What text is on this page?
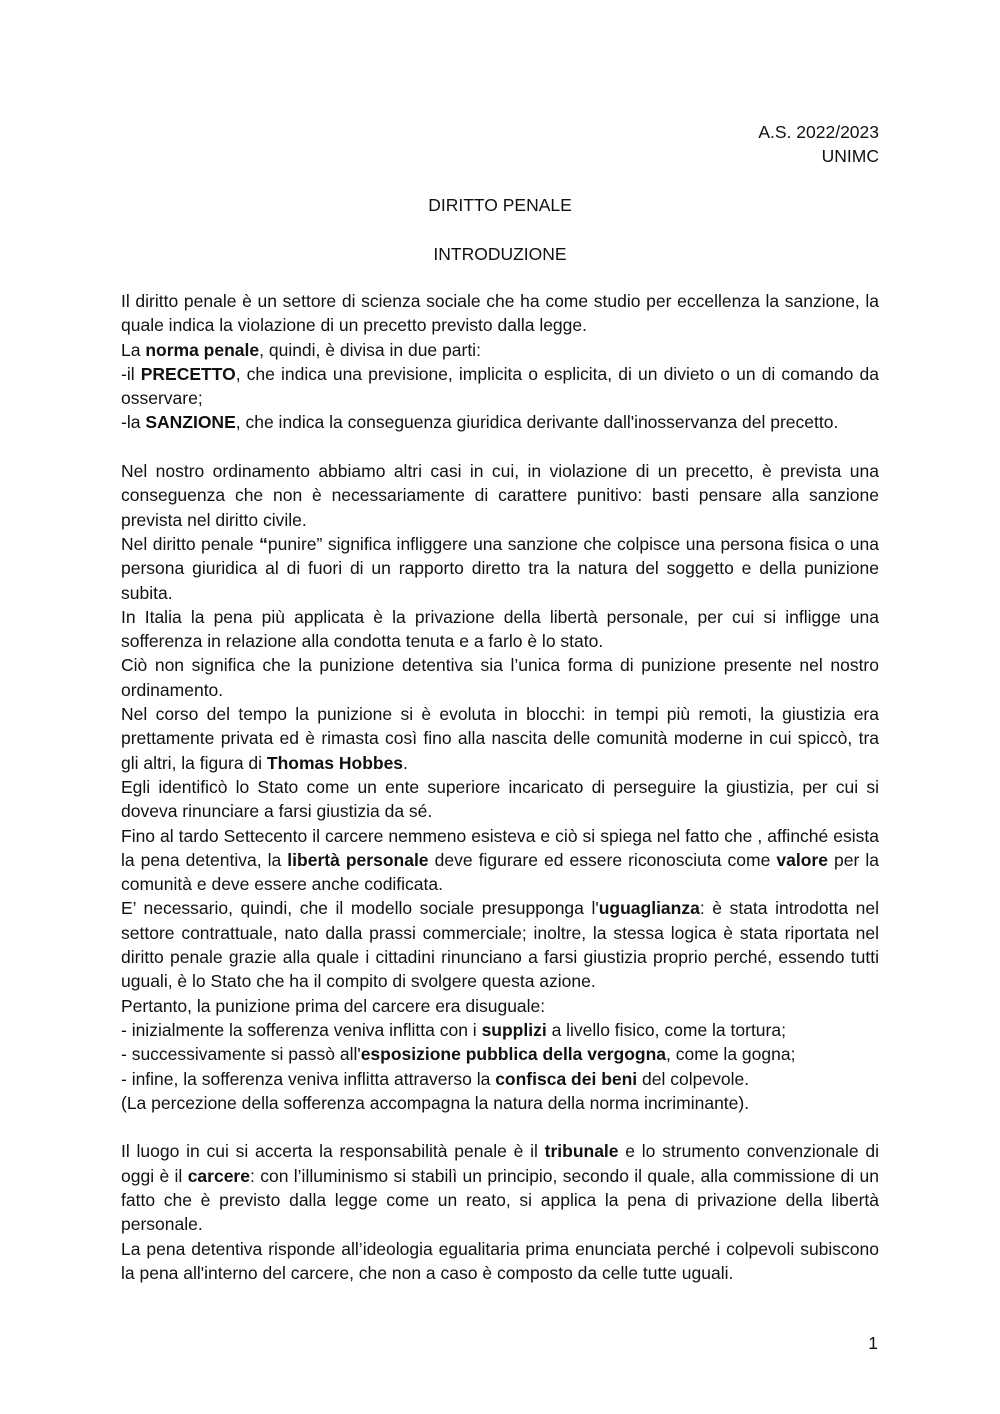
A.S. 2022/2023
UNIMC
DIRITTO PENALE
INTRODUZIONE

Il diritto penale è un settore di scienza sociale che ha come studio per eccellenza la sanzione, la quale indica la violazione di un precetto previsto dalla legge.

La norma penale, quindi, è divisa in due parti:

-il PRECETTO, che indica una previsione, implicita o esplicita, di un divieto o un di comando da osservare;

-la SANZIONE, che indica la conseguenza giuridica derivante dall'inosservanza del precetto.

Nel nostro ordinamento abbiamo altri casi in cui, in violazione di un precetto, è prevista una conseguenza che non è necessariamente di carattere punitivo: basti pensare alla sanzione prevista nel diritto civile.

Nel diritto penale “punire” significa infliggere una sanzione che colpisce una persona fisica o una persona giuridica al di fuori di un rapporto diretto tra la natura del soggetto e della punizione subita.

In Italia la pena più applicata è la privazione della libertà personale, per cui si infligge una sofferenza in relazione alla condotta tenuta e a farlo è lo stato.

Ciò non significa che la punizione detentiva sia l’unica forma di punizione presente nel nostro ordinamento.

Nel corso del tempo la punizione si è evoluta in blocchi: in tempi più remoti, la giustizia era prettamente privata ed è rimasta così fino alla nascita delle comunità moderne in cui spiccò, tra gli altri, la figura di Thomas Hobbes.

Egli identificò lo Stato come un ente superiore incaricato di perseguire la giustizia, per cui si doveva rinunciare a farsi giustizia da sé.

Fino al tardo Settecento il carcere nemmeno esisteva e ciò si spiega nel fatto che , affinché esista la pena detentiva, la libertà personale deve figurare ed essere riconosciuta come valore per la comunità e deve essere anche codificata.

E’ necessario, quindi, che il modello sociale presupponga l'uguaglianza: è stata introdotta nel settore contrattuale, nato dalla prassi commerciale; inoltre, la stessa logica è stata riportata nel diritto penale grazie alla quale i cittadini rinunciano a farsi giustizia proprio perché, essendo tutti uguali, è lo Stato che ha il compito di svolgere questa azione.

Pertanto, la punizione prima del carcere era disuguale:

- inizialmente la sofferenza veniva inflitta con i supplizi a livello fisico, come la tortura;

- successivamente si passò all'esposizione pubblica della vergogna, come la gogna;

- infine, la sofferenza veniva inflitta attraverso la confisca dei beni del colpevole.

(La percezione della sofferenza accompagna la natura della norma incriminante).

Il luogo in cui si accerta la responsabilità penale è il tribunale e lo strumento convenzionale di oggi è il carcere: con l’illuminismo si stabilì un principio, secondo il quale, alla commissione di un fatto che è previsto dalla legge come un reato, si applica la pena di privazione della libertà personale.

La pena detentiva risponde all’ideologia egualitaria prima enunciata perché i colpevoli subiscono la pena all'interno del carcere, che non a caso è composto da celle tutte uguali.

1
